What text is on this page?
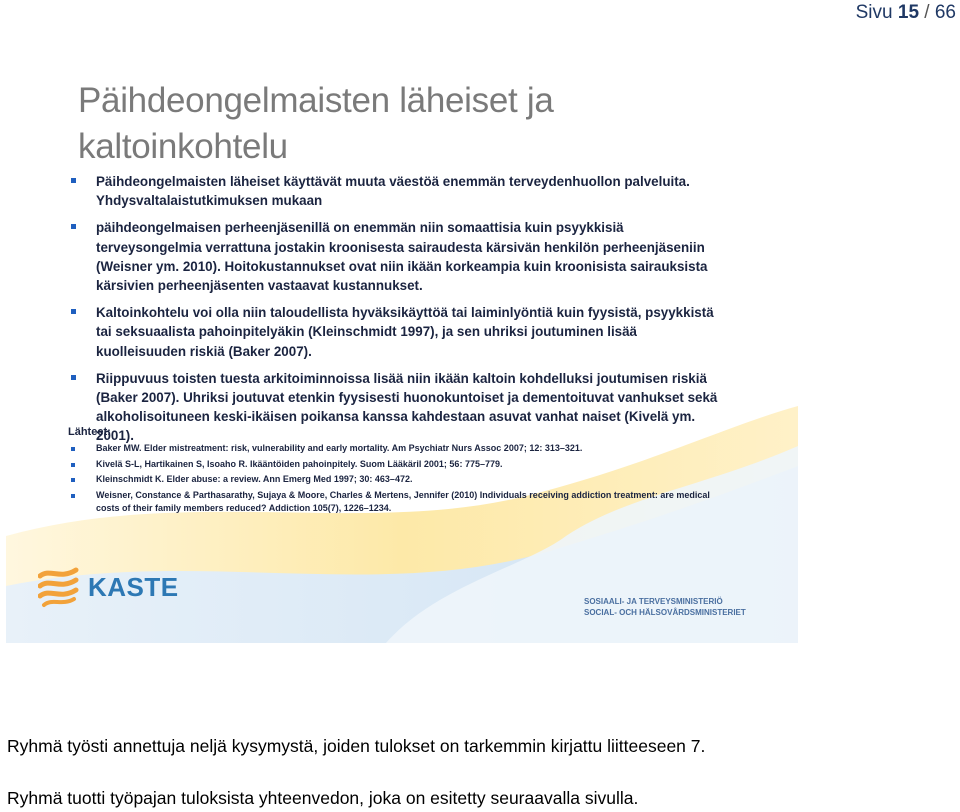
Sivu 15 / 66
Päihdeongelmaisten läheiset ja kaltoinkohtelu
Päihdeongelmaisten läheiset käyttävät muuta väestöä enemmän terveydenhuollon palveluita. Yhdysvaltalaistutkimuksen mukaan
päihdeongelmaisen perheenjäsenillä on enemmän niin somaattisia kuin psyykkisiä terveysongelmia verrattuna jostakin kroonisesta sairaudesta kärsivän henkilön perheenjäseniin (Weisner ym. 2010). Hoitokustannukset ovat niin ikään korkeampia kuin kroonisista sairauksista kärsivien perheenjäsenten vastaavat kustannukset.
Kaltoinkohtelu voi olla niin taloudellista hyväksikäyttöä tai laiminlyöntiä kuin fyysistä, psyykkistä tai seksuaalista pahoinpitelyäkin (Kleinschmidt 1997), ja sen uhriksi joutuminen lisää kuolleisuuden riskiä (Baker 2007).
Riippuvuus toisten tuesta arkitoiminnoissa lisää niin ikään kaltoin kohdelluksi joutumisen riskiä (Baker 2007). Uhriksi joutuvat etenkin fyysisesti huonokuntoiset ja dementoituvat vanhukset sekä alkoholisoituneen keski-ikäisen poikansa kanssa kahdestaan asuvat vanhat naiset (Kivelä ym. 2001).
Lähteet:
Baker MW. Elder mistreatment: risk, vulnerability and early mortality. Am Psychiatr Nurs Assoc 2007; 12: 313–321.
Kivelä S-L, Hartikainen S, Isoaho R. Ikääntöiden pahoinpitely. Suom Lääkäril 2001; 56: 775–779.
Kleinschmidt K. Elder abuse: a review. Ann Emerg Med 1997; 30: 463–472.
Weisner, Constance & Parthasarathy, Sujaya & Moore, Charles & Mertens, Jennifer (2010) Individuals receiving addiction treatment: are medical costs of their family members reduced? Addiction 105(7), 1226–1234.
KASTE	SOSIAALI- JA TERVEYSMINISTERIÖ
SOCIAL- OCH HÄLSOVÅRDSMINISTERIET
Ryhmä työsti annettuja neljä kysymystä, joiden tulokset on tarkemmin kirjattu liitteeseen 7.
Ryhmä tuotti työpajan tuloksista yhteenvedon, joka on esitetty seuraavalla sivulla.
